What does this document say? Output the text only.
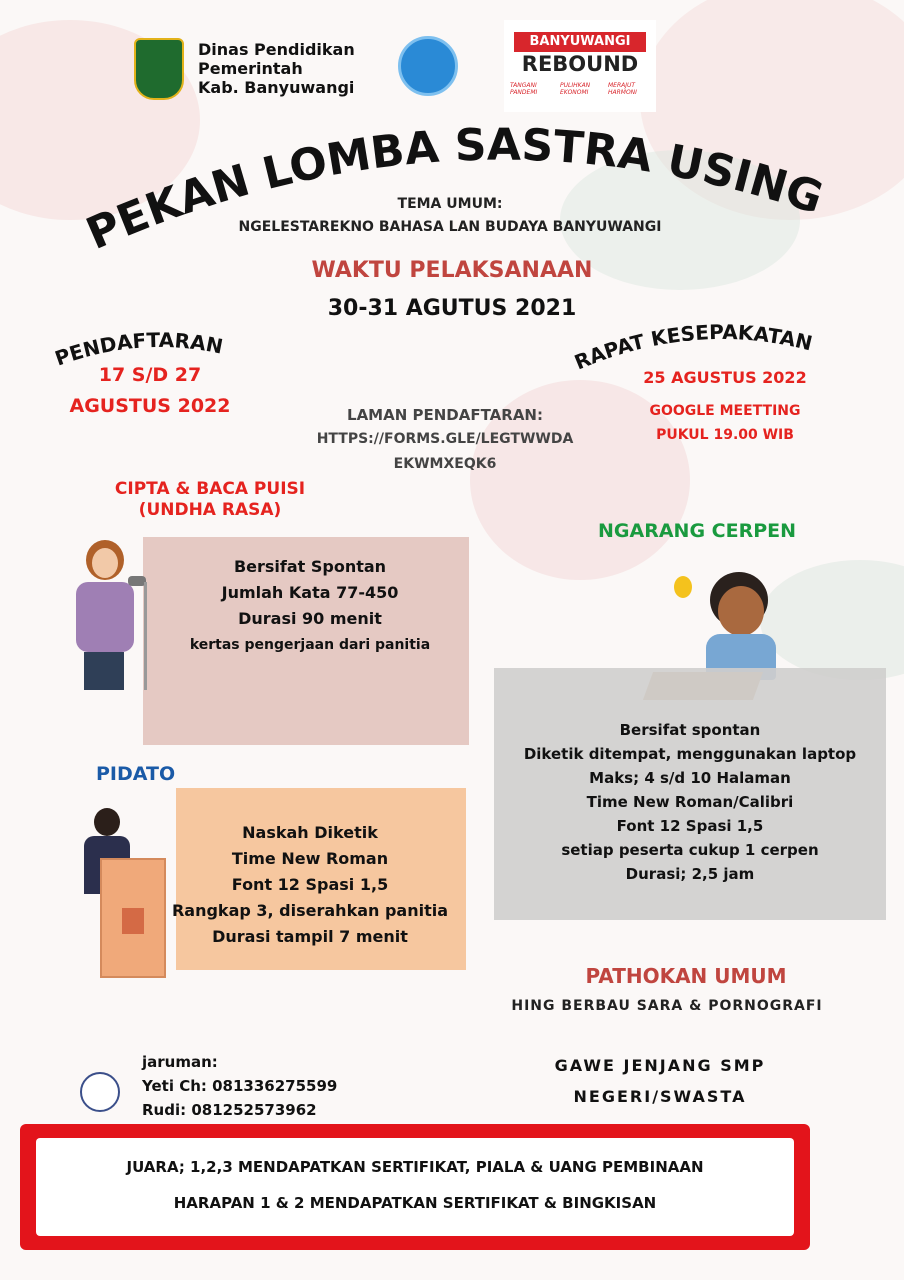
Dinas Pendidikan
Pemerintah
Kab. Banyuwangi
BANYUWANGI
REBOUND
TANGANI PANDEMI
PULIHKAN EKONOMI
MERAJUT HARMONI
PEKAN LOMBA SASTRA USING
TEMA UMUM:
NGELESTAREKNO BAHASA LAN BUDAYA BANYUWANGI
WAKTU PELAKSANAAN
30-31 AGUTUS 2021
PENDAFTARAN
17 S/D 27
AGUSTUS 2022
RAPAT KESEPAKATAN
25 AGUSTUS 2022
GOOGLE MEETTING
PUKUL 19.00 WIB
LAMAN PENDAFTARAN:
HTTPS://FORMS.GLE/LEGTWWDA
EKWMXEQK6
CIPTA & BACA PUISI
(UNDHA RASA)
Bersifat Spontan
Jumlah Kata 77-450
Durasi 90 menit
kertas pengerjaan dari panitia
NGARANG CERPEN
Bersifat spontan
Diketik ditempat, menggunakan laptop
Maks; 4 s/d 10 Halaman
Time New Roman/Calibri
Font 12 Spasi 1,5
setiap peserta cukup 1 cerpen
Durasi; 2,5 jam
PIDATO
Naskah Diketik
Time New Roman
Font 12 Spasi 1,5
Rangkap 3, diserahkan panitia
Durasi tampil 7 menit
PATHOKAN UMUM
HING BERBAU SARA & PORNOGRAFI
jaruman:
Yeti Ch: 081336275599
Rudi: 081252573962
GAWE JENJANG SMP
NEGERI/SWASTA
JUARA; 1,2,3 MENDAPATKAN SERTIFIKAT, PIALA & UANG PEMBINAAN
HARAPAN 1 & 2 MENDAPATKAN SERTIFIKAT & BINGKISAN
